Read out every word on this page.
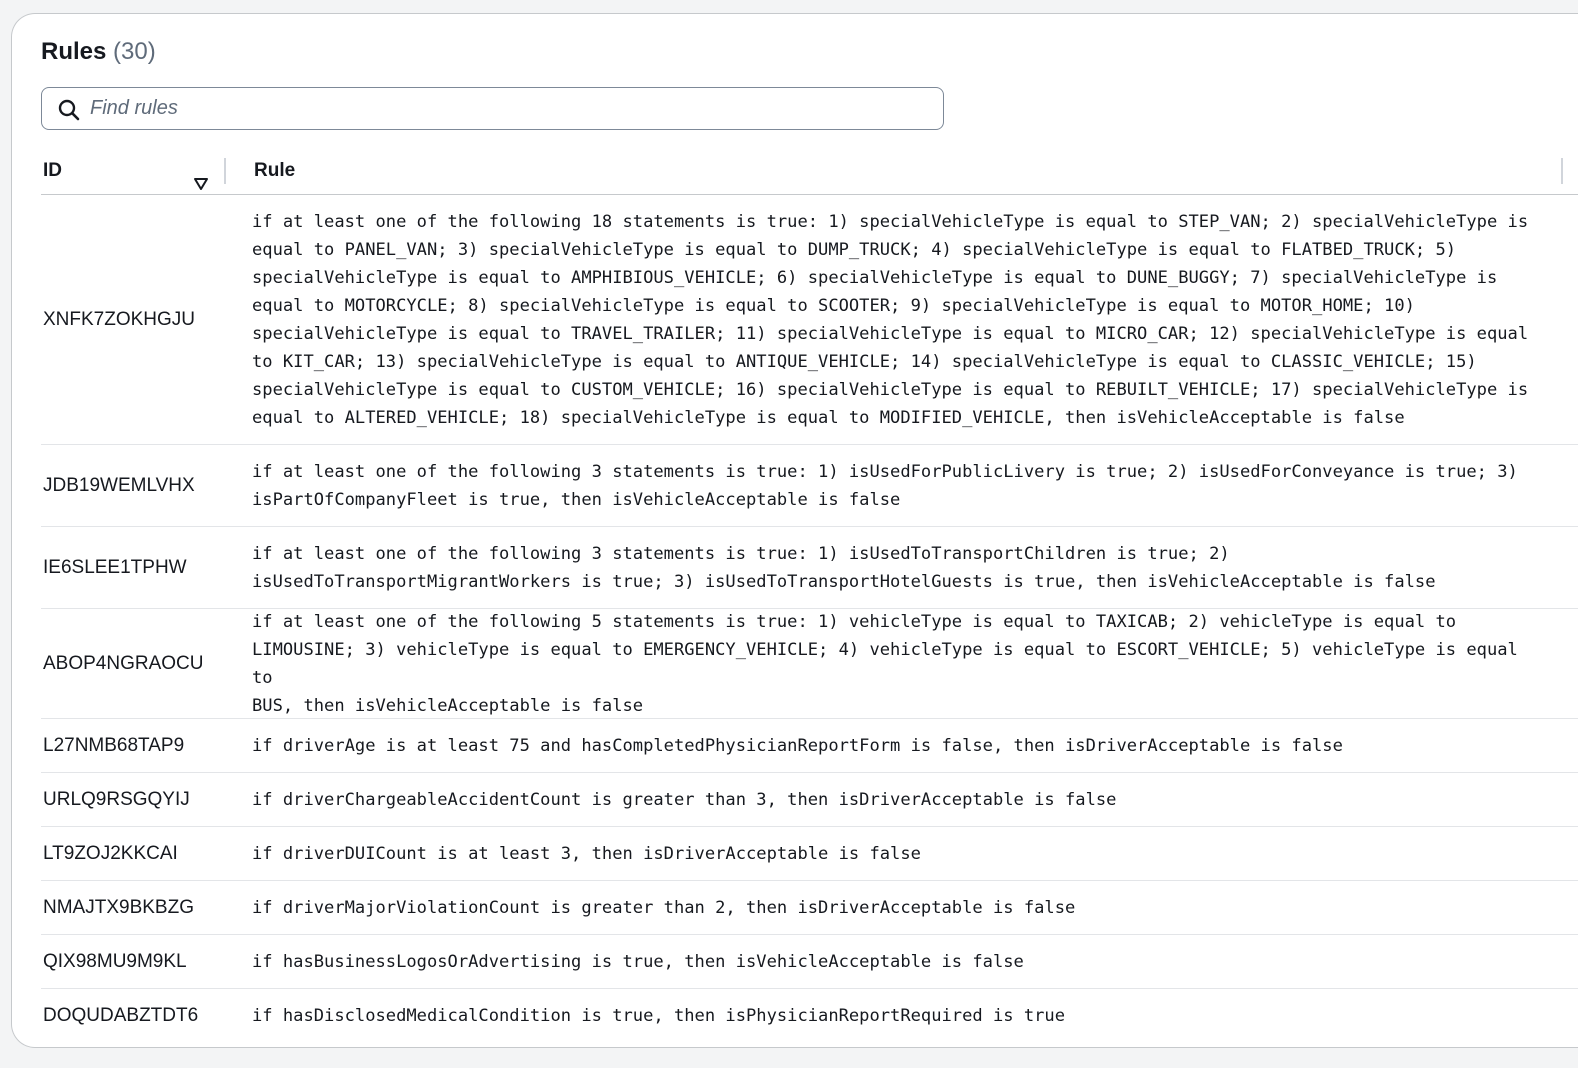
Rules (30)
Find rules
ID	Rule
XNFK7ZOKHGJU
if at least one of the following 18 statements is true: 1) specialVehicleType is equal to STEP_VAN; 2) specialVehicleType is
equal to PANEL_VAN; 3) specialVehicleType is equal to DUMP_TRUCK; 4) specialVehicleType is equal to FLATBED_TRUCK; 5)
specialVehicleType is equal to AMPHIBIOUS_VEHICLE; 6) specialVehicleType is equal to DUNE_BUGGY; 7) specialVehicleType is
equal to MOTORCYCLE; 8) specialVehicleType is equal to SCOOTER; 9) specialVehicleType is equal to MOTOR_HOME; 10)
specialVehicleType is equal to TRAVEL_TRAILER; 11) specialVehicleType is equal to MICRO_CAR; 12) specialVehicleType is equal
to KIT_CAR; 13) specialVehicleType is equal to ANTIQUE_VEHICLE; 14) specialVehicleType is equal to CLASSIC_VEHICLE; 15)
specialVehicleType is equal to CUSTOM_VEHICLE; 16) specialVehicleType is equal to REBUILT_VEHICLE; 17) specialVehicleType is
equal to ALTERED_VEHICLE; 18) specialVehicleType is equal to MODIFIED_VEHICLE, then isVehicleAcceptable is false
JDB19WEMLVHX
if at least one of the following 3 statements is true: 1) isUsedForPublicLivery is true; 2) isUsedForConveyance is true; 3)
isPartOfCompanyFleet is true, then isVehicleAcceptable is false
IE6SLEE1TPHW
if at least one of the following 3 statements is true: 1) isUsedToTransportChildren is true; 2)
isUsedToTransportMigrantWorkers is true; 3) isUsedToTransportHotelGuests is true, then isVehicleAcceptable is false
ABOP4NGRAOCU
if at least one of the following 5 statements is true: 1) vehicleType is equal to TAXICAB; 2) vehicleType is equal to
LIMOUSINE; 3) vehicleType is equal to EMERGENCY_VEHICLE; 4) vehicleType is equal to ESCORT_VEHICLE; 5) vehicleType is equal to
BUS, then isVehicleAcceptable is false
L27NMB68TAP9	if driverAge is at least 75 and hasCompletedPhysicianReportForm is false, then isDriverAcceptable is false
URLQ9RSGQYIJ	if driverChargeableAccidentCount is greater than 3, then isDriverAcceptable is false
LT9ZOJ2KKCAI	if driverDUICount is at least 3, then isDriverAcceptable is false
NMAJTX9BKBZG	if driverMajorViolationCount is greater than 2, then isDriverAcceptable is false
QIX98MU9M9KL	if hasBusinessLogosOrAdvertising is true, then isVehicleAcceptable is false
DOQUDABZTDT6	if hasDisclosedMedicalCondition is true, then isPhysicianReportRequired is true
